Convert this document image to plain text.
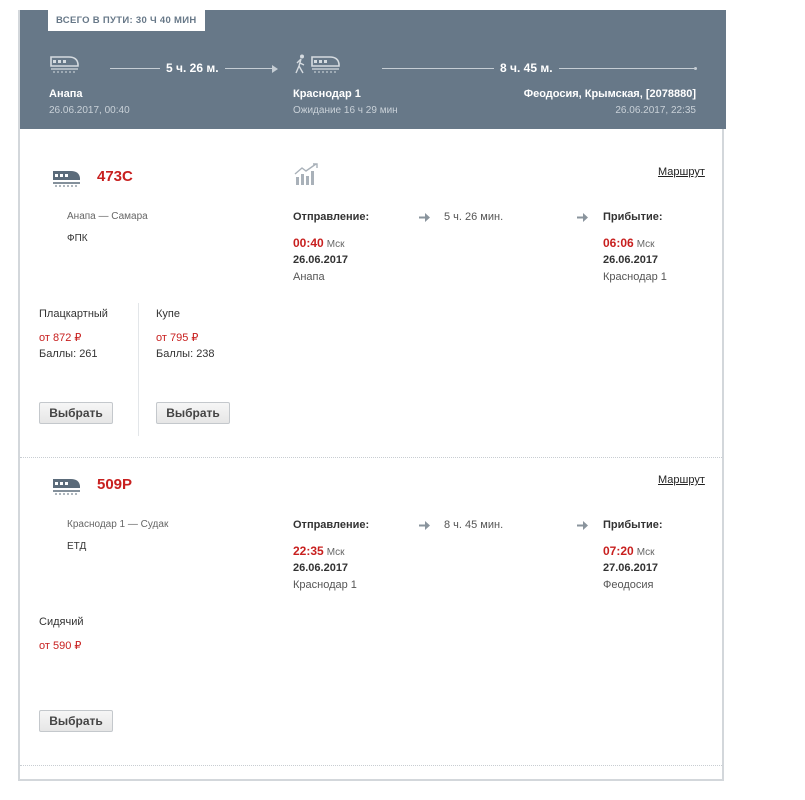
ВСЕГО В ПУТИ: 30 Ч 40 МИН
5 ч. 26 м.	8 ч. 45 м.
Анапа
26.06.2017, 00:40
Краснодар 1
Ожидание 16 ч 29 мин
Феодосия, Крымская, [2078880]
26.06.2017, 22:35
473С	Маршрут
Анапа — Самара
ФПК
Отправление:	5 ч. 26 мин.	Прибытие:
00:40 Мск
26.06.2017
Анапа
06:06 Мск
26.06.2017
Краснодар 1
Плацкартный
от 872 ₽
Баллы: 261
Выбрать
Купе
от 795 ₽
Баллы: 238
Выбрать
509Р	Маршрут
Краснодар 1 — Судак
ЕТД
Отправление:	8 ч. 45 мин.	Прибытие:
22:35 Мск
26.06.2017
Краснодар 1
07:20 Мск
27.06.2017
Феодосия
Сидячий
от 590 ₽
Выбрать
